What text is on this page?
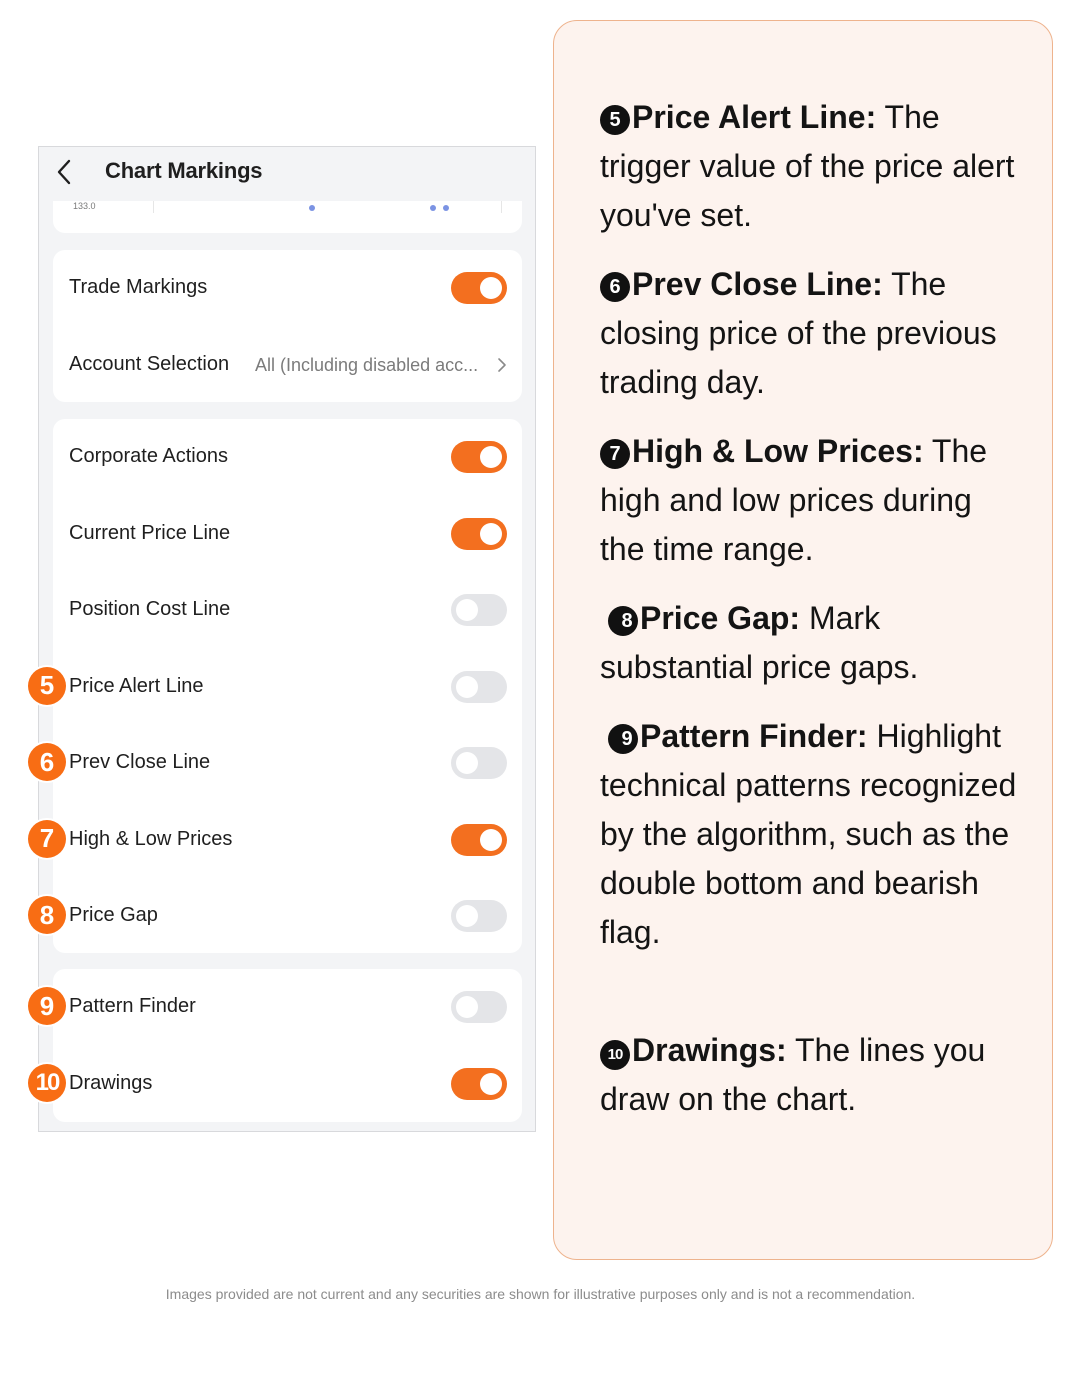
Chart Markings
133.0
Trade Markings
Account Selection All (Including disabled acc...
Corporate Actions
Current Price Line
Position Cost Line
Price Alert Line
Prev Close Line
High & Low Prices
Price Gap
Pattern Finder
Drawings
5
6
7
8
9
10
5 Price Alert Line: The trigger value of the price alert you've set.
6 Prev Close Line: The closing price of the previous trading day.
7 High & Low Prices: The high and low prices during the time range.
8 Price Gap: Mark substantial price gaps.
9 Pattern Finder: Highlight technical patterns recognized by the algorithm, such as the double bottom and bearish flag.
10 Drawings: The lines you draw on the chart.
Images provided are not current and any securities are shown for illustrative purposes only and is not a recommendation.
